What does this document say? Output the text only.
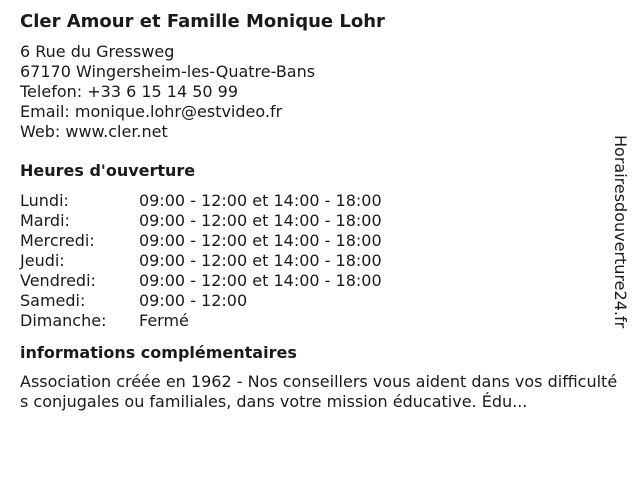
Cler Amour et Famille Monique Lohr
6 Rue du Gressweg
67170 Wingersheim-les-Quatre-Bans
Telefon: +33 6 15 14 50 99
Email: monique.lohr@estvideo.fr
Web: www.cler.net
Heures d'ouverture
Lundi:	09:00 - 12:00 et 14:00 - 18:00
Mardi:	09:00 - 12:00 et 14:00 - 18:00
Mercredi:	09:00 - 12:00 et 14:00 - 18:00
Jeudi:	09:00 - 12:00 et 14:00 - 18:00
Vendredi:	09:00 - 12:00 et 14:00 - 18:00
Samedi:	09:00 - 12:00
Dimanche:	Fermé
informations complémentaires
Association créée en 1962 - Nos conseillers vous aident dans vos difficultés conjugales ou familiales, dans votre mission éducative. Édu...
Horairesdouverture24.fr
